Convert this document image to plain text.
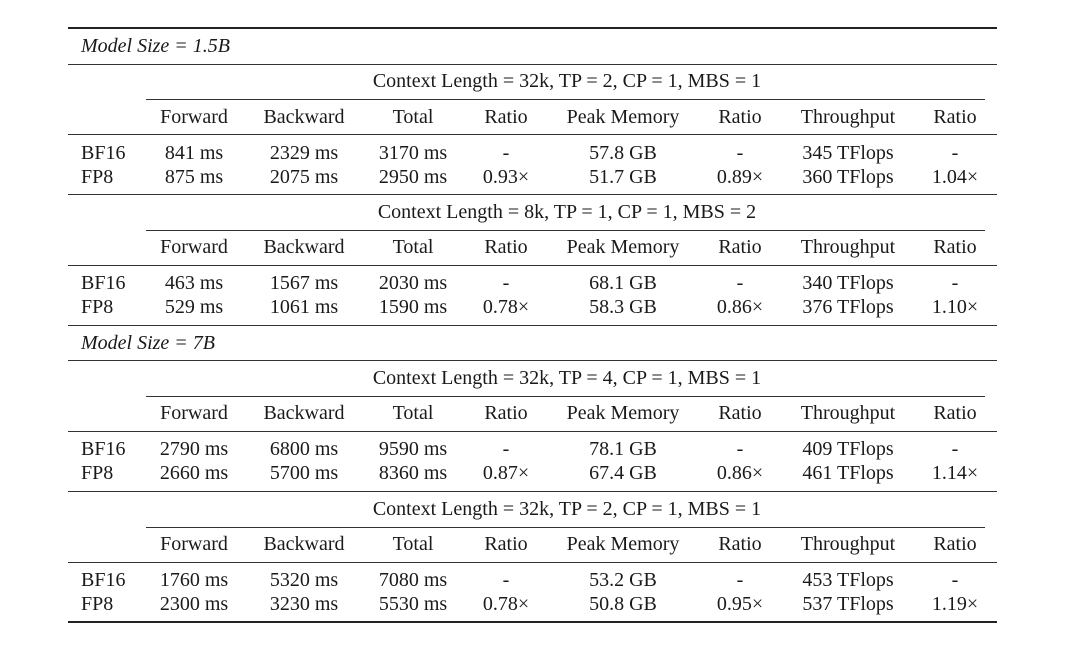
Model Size = 1.5B
Context Length = 32k, TP = 2, CP = 1, MBS = 1
Forward Backward Total	Ratio Peak Memory Ratio Throughput Ratio
BF16 841 ms 2329 ms 3170 ms	-	57.8 GB	-	345 TFlops	-
FP8	875 ms 2075 ms 2950 ms 0.93×	51.7 GB	0.89× 360 TFlops 1.04×
Context Length = 8k, TP = 1, CP = 1, MBS = 2
Forward Backward Total	Ratio Peak Memory Ratio Throughput Ratio
BF16 463 ms 1567 ms 2030 ms	-	68.1 GB	-	340 TFlops	-
FP8	529 ms 1061 ms 1590 ms 0.78×	58.3 GB	0.86× 376 TFlops 1.10×
Model Size = 7B
Context Length = 32k, TP = 4, CP = 1, MBS = 1
Forward Backward Total	Ratio Peak Memory Ratio Throughput Ratio
BF16 2790 ms 6800 ms 9590 ms	-	78.1 GB	-	409 TFlops	-
FP8 2660 ms 5700 ms 8360 ms 0.87×	67.4 GB	0.86× 461 TFlops 1.14×
Context Length = 32k, TP = 2, CP = 1, MBS = 1
Forward Backward Total	Ratio Peak Memory Ratio Throughput Ratio
BF16 1760 ms 5320 ms 7080 ms	-	53.2 GB	-	453 TFlops	-
FP8 2300 ms 3230 ms 5530 ms 0.78×	50.8 GB	0.95× 537 TFlops 1.19×
